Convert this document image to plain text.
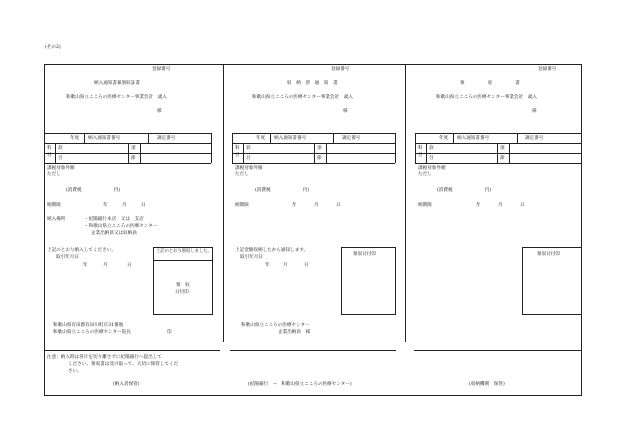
(その2)
登録番号	登録番号	登録番号
納入通知書兼領収証書	収　納　済　通　知　書	領　　　　　収　　　　　書
和歌山県立こころの医療センター事業会計　歳入	和歌山県立こころの医療センター事業会計　歳入	和歌山県立こころの医療センター事業会計　歳入
様	様	様
年度 納入通知書番号	調定番号
科目
款	項
目	節
課税対象外額
ただし
年度 納入通知書番号	調定番号
科目
款	項
目	節
課税対象外額
ただし
年度 納入通知書番号	調定番号
科目
款	項
目	節
課税対象外額
ただし
(消費税　　　　　　　円)	(消費税　　　　　　　円)	(消費税　　　　　　　円)
納期限	年	月	日	納期限	年	月	日	納期限	年	月	日
納入場所	・紀陽銀行本店　又は　支店
・和歌山県立こころの医療センター
企業出納員又は収納員
上記のとおり納入してください。
取引年月日
年	月	日
上記のとおり領収しました。
領　収
日付印
上記金額収納したから通知します。
取引年月日
年	月	日
領収日付印	領収日付印
和歌山県有田郡有田川町庄31番地
和歌山県立こころの医療センター院長	印
和歌山県立こころの医療センター
企業出納員　様
注意：納入時は各片を切り離さずに紀陽銀行へ提出して
ください。領収書は受け取って、大切に保管してくだ
さい。
(納入者保管)	(紀陽銀行　→　和歌山県立こころの医療センター)	(収納機関　保管)
